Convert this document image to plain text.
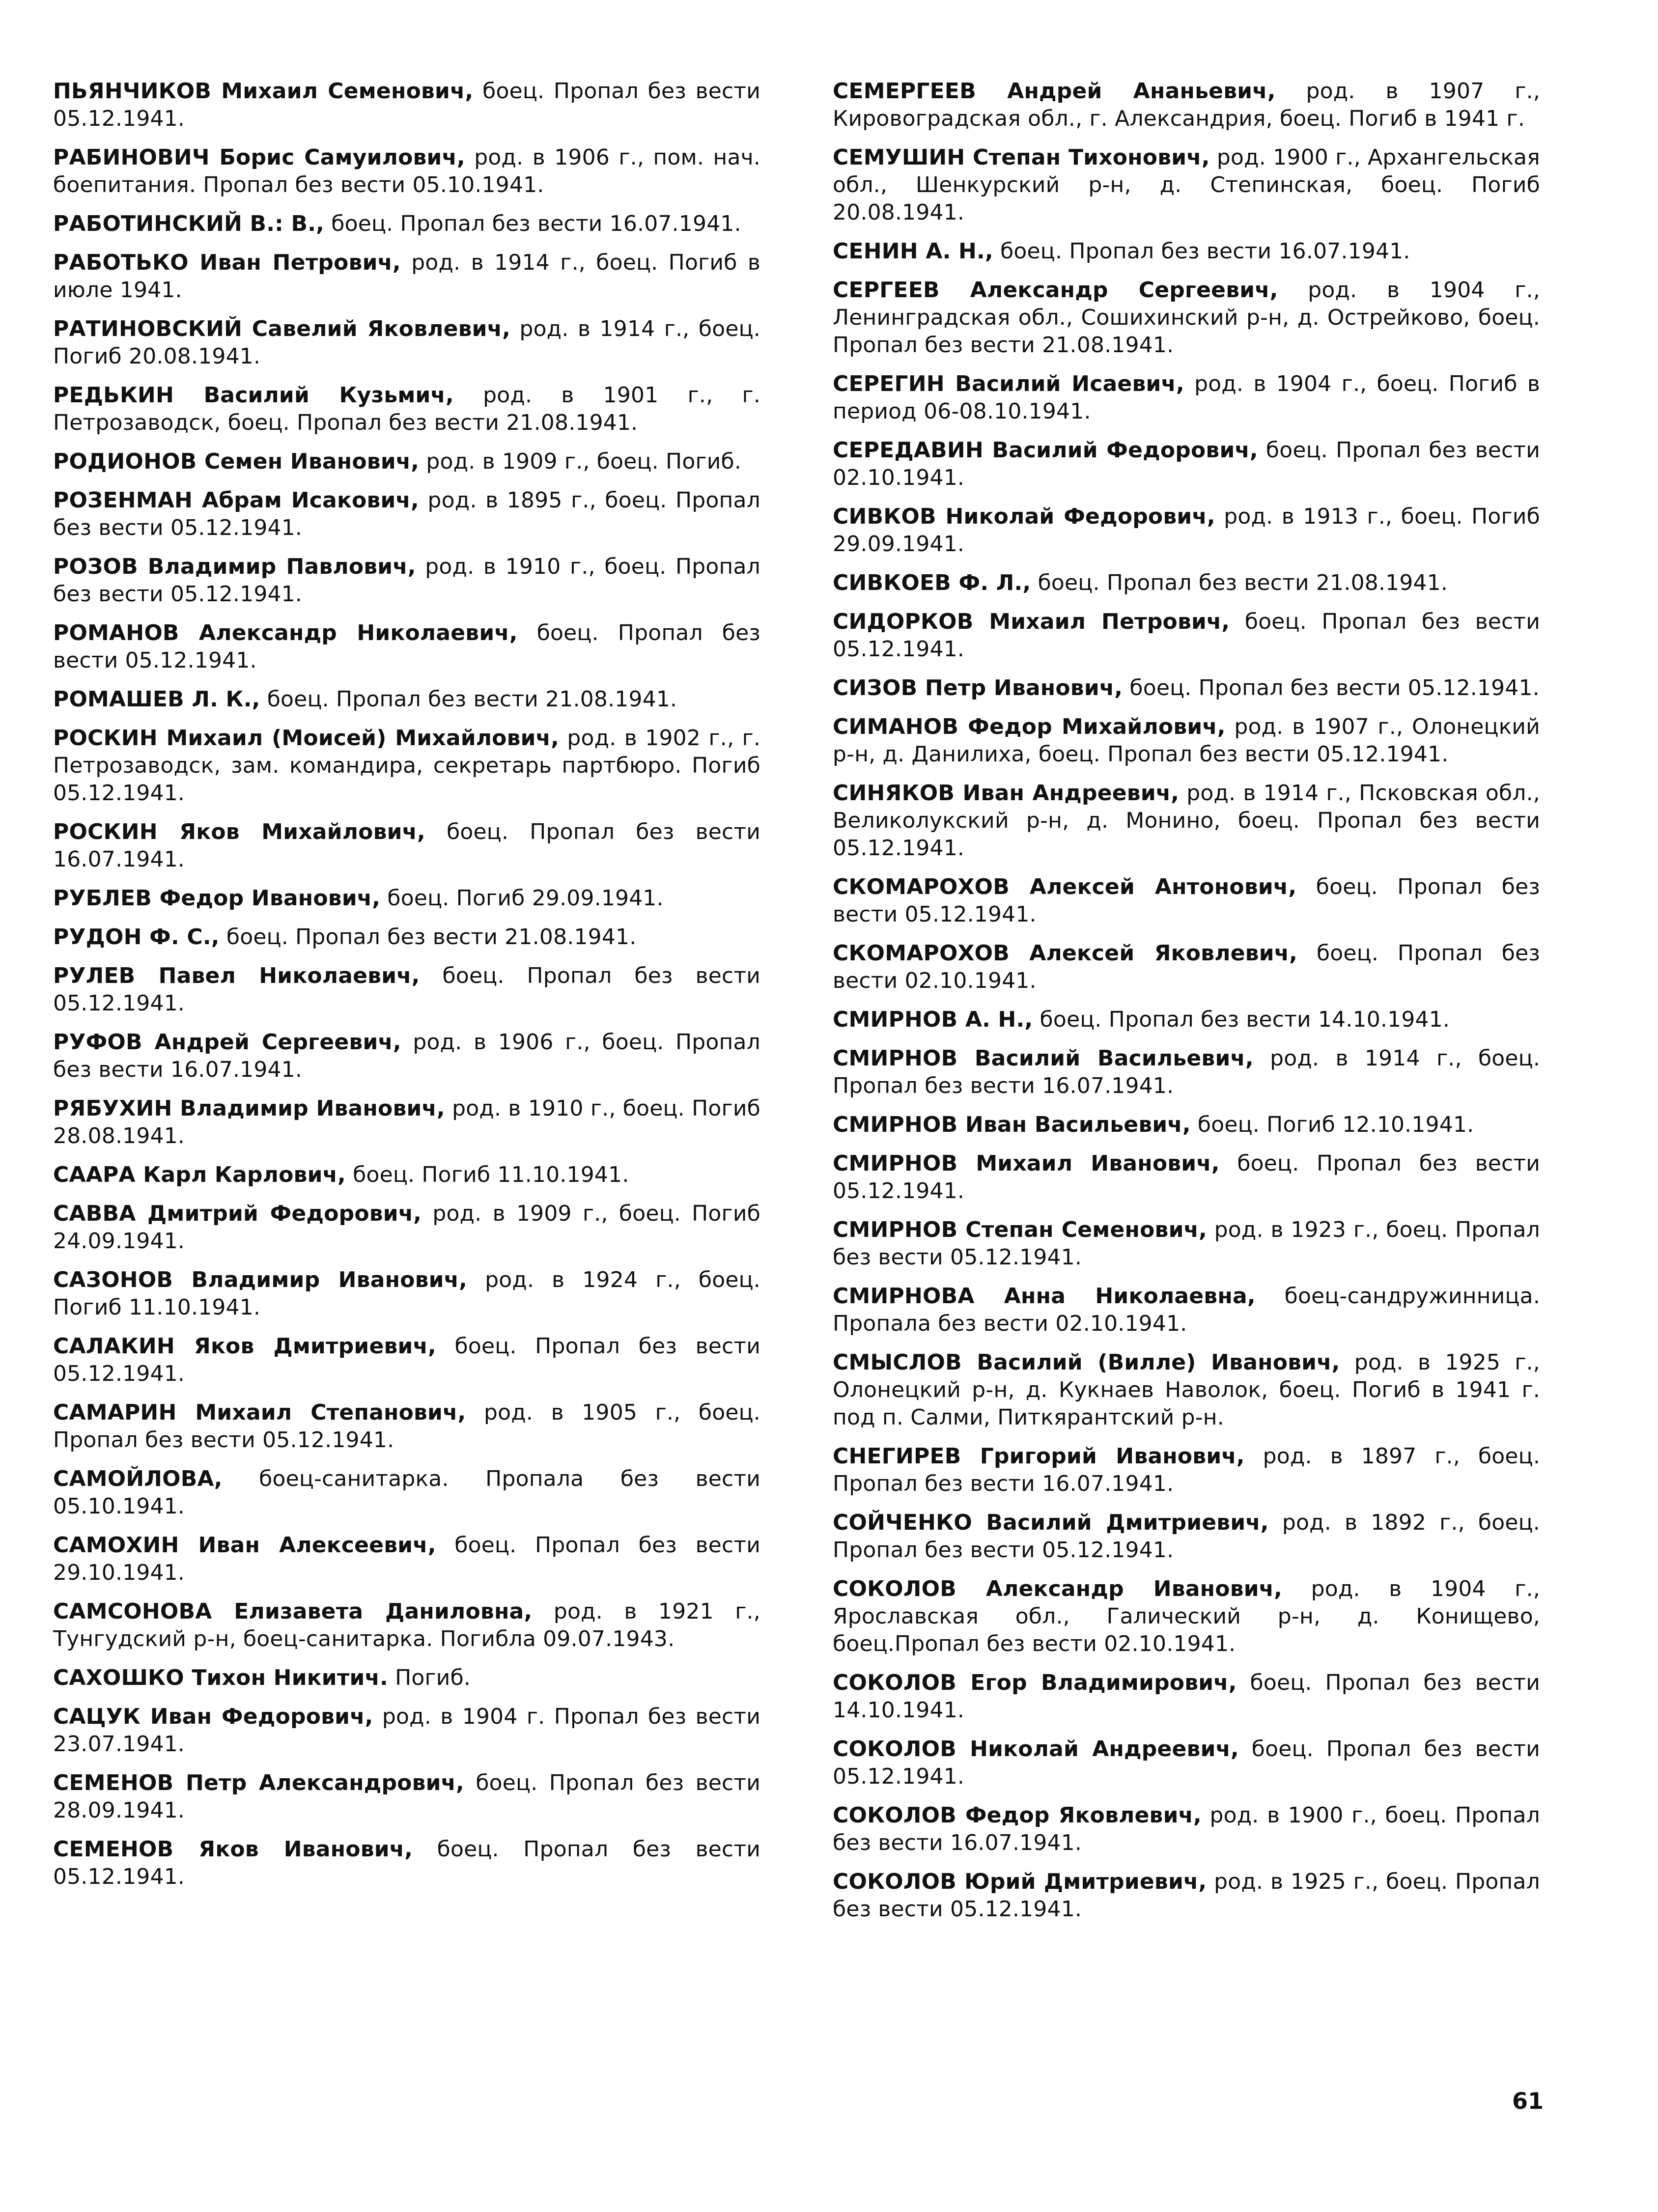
ПЬЯНЧИКОВ Михаил Семенович, боец. Пропал без вести 05.12.1941.

РАБИНОВИЧ Борис Самуилович, род. в 1906 г., пом. нач. боепитания. Пропал без вести 05.10.1941.

РАБОТИНСКИЙ В.: В., боец. Пропал без вести 16.07.1941.

РАБОТЬКО Иван Петрович, род. в 1914 г., боец. Погиб в июле 1941.

РАТИНОВСКИЙ Савелий Яковлевич, род. в 1914 г., боец. Погиб 20.08.1941.

РЕДЬКИН Василий Кузьмич, род. в 1901 г., г. Петрозаводск, боец. Пропал без вести 21.08.1941.

РОДИОНОВ Семен Иванович, род. в 1909 г., боец. Погиб.

РОЗЕНМАН Абрам Исакович, род. в 1895 г., боец. Пропал без вести 05.12.1941.

РОЗОВ Владимир Павлович, род. в 1910 г., боец. Пропал без вести 05.12.1941.

РОМАНОВ Александр Николаевич, боец. Пропал без вести 05.12.1941.

РОМАШЕВ Л. К., боец. Пропал без вести 21.08.1941.

РОСКИН Михаил (Моисей) Михайлович, род. в 1902 г., г. Петрозаводск, зам. командира, секретарь партбюро. Погиб 05.12.1941.

РОСКИН Яков Михайлович, боец. Пропал без вести 16.07.1941.

РУБЛЕВ Федор Иванович, боец. Погиб 29.09.1941.

РУДОН Ф. С., боец. Пропал без вести 21.08.1941.

РУЛЕВ Павел Николаевич, боец. Пропал без вести 05.12.1941.

РУФОВ Андрей Сергеевич, род. в 1906 г., боец. Пропал без вести 16.07.1941.

РЯБУХИН Владимир Иванович, род. в 1910 г., боец. Погиб 28.08.1941.

СААРА Карл Карлович, боец. Погиб 11.10.1941.

САВВА Дмитрий Федорович, род. в 1909 г., боец. Погиб 24.09.1941.

САЗОНОВ Владимир Иванович, род. в 1924 г., боец. Погиб 11.10.1941.

САЛАКИН Яков Дмитриевич, боец. Пропал без вести 05.12.1941.

САМАРИН Михаил Степанович, род. в 1905 г., боец. Пропал без вести 05.12.1941.

САМОЙЛОВА, боец-санитарка. Пропала без вести 05.10.1941.

САМОХИН Иван Алексеевич, боец. Пропал без вести 29.10.1941.

САМСОНОВА Елизавета Даниловна, род. в 1921 г., Тунгудский р-н, боец-санитарка. Погибла 09.07.1943.

САХОШКО Тихон Никитич. Погиб.

САЦУК Иван Федорович, род. в 1904 г. Пропал без вести 23.07.1941.

СЕМЕНОВ Петр Александрович, боец. Пропал без вести 28.09.1941.

СЕМЕНОВ Яков Иванович, боец. Пропал без вести 05.12.1941.

СЕМЕРГЕЕВ Андрей Ананьевич, род. в 1907 г., Кировоградская обл., г. Александрия, боец. Погиб в 1941 г.

СЕМУШИН Степан Тихонович, род. 1900 г., Архангельская обл., Шенкурский р-н, д. Степинская, боец. Погиб 20.08.1941.

СЕНИН А. Н., боец. Пропал без вести 16.07.1941.

СЕРГЕЕВ Александр Сергеевич, род. в 1904 г., Ленинградская обл., Сошихинский р-н, д. Острейково, боец. Пропал без вести 21.08.1941.

СЕРЕГИН Василий Исаевич, род. в 1904 г., боец. Погиб в период 06-08.10.1941.

СЕРЕДАВИН Василий Федорович, боец. Пропал без вести 02.10.1941.

СИВКОВ Николай Федорович, род. в 1913 г., боец. Погиб 29.09.1941.

СИВКОЕВ Ф. Л., боец. Пропал без вести 21.08.1941.

СИДОРКОВ Михаил Петрович, боец. Пропал без вести 05.12.1941.

СИЗОВ Петр Иванович, боец. Пропал без вести 05.12.1941.

СИМАНОВ Федор Михайлович, род. в 1907 г., Олонецкий р-н, д. Данилиха, боец. Пропал без вести 05.12.1941.

СИНЯКОВ Иван Андреевич, род. в 1914 г., Псковская обл., Великолукский р-н, д. Монино, боец. Пропал без вести 05.12.1941.

СКОМАРОХОВ Алексей Антонович, боец. Пропал без вести 05.12.1941.

СКОМАРОХОВ Алексей Яковлевич, боец. Пропал без вести 02.10.1941.

СМИРНОВ А. Н., боец. Пропал без вести 14.10.1941.

СМИРНОВ Василий Васильевич, род. в 1914 г., боец. Пропал без вести 16.07.1941.

СМИРНОВ Иван Васильевич, боец. Погиб 12.10.1941.

СМИРНОВ Михаил Иванович, боец. Пропал без вести 05.12.1941.

СМИРНОВ Степан Семенович, род. в 1923 г., боец. Пропал без вести 05.12.1941.

СМИРНОВА Анна Николаевна, боец-сандружинница. Пропала без вести 02.10.1941.

СМЫСЛОВ Василий (Вилле) Иванович, род. в 1925 г., Олонецкий р-н, д. Кукнаев Наволок, боец. Погиб в 1941 г. под п. Салми, Питкярантский р-н.

СНЕГИРЕВ Григорий Иванович, род. в 1897 г., боец. Пропал без вести 16.07.1941.

СОЙЧЕНКО Василий Дмитриевич, род. в 1892 г., боец. Пропал без вести 05.12.1941.

СОКОЛОВ Александр Иванович, род. в 1904 г., Ярославская обл., Галический р-н, д. Конищево, боец.Пропал без вести 02.10.1941.

СОКОЛОВ Егор Владимирович, боец. Пропал без вести 14.10.1941.

СОКОЛОВ Николай Андреевич, боец. Пропал без вести 05.12.1941.

СОКОЛОВ Федор Яковлевич, род. в 1900 г., боец. Пропал без вести 16.07.1941.

СОКОЛОВ Юрий Дмитриевич, род. в 1925 г., боец. Пропал без вести 05.12.1941.

61
